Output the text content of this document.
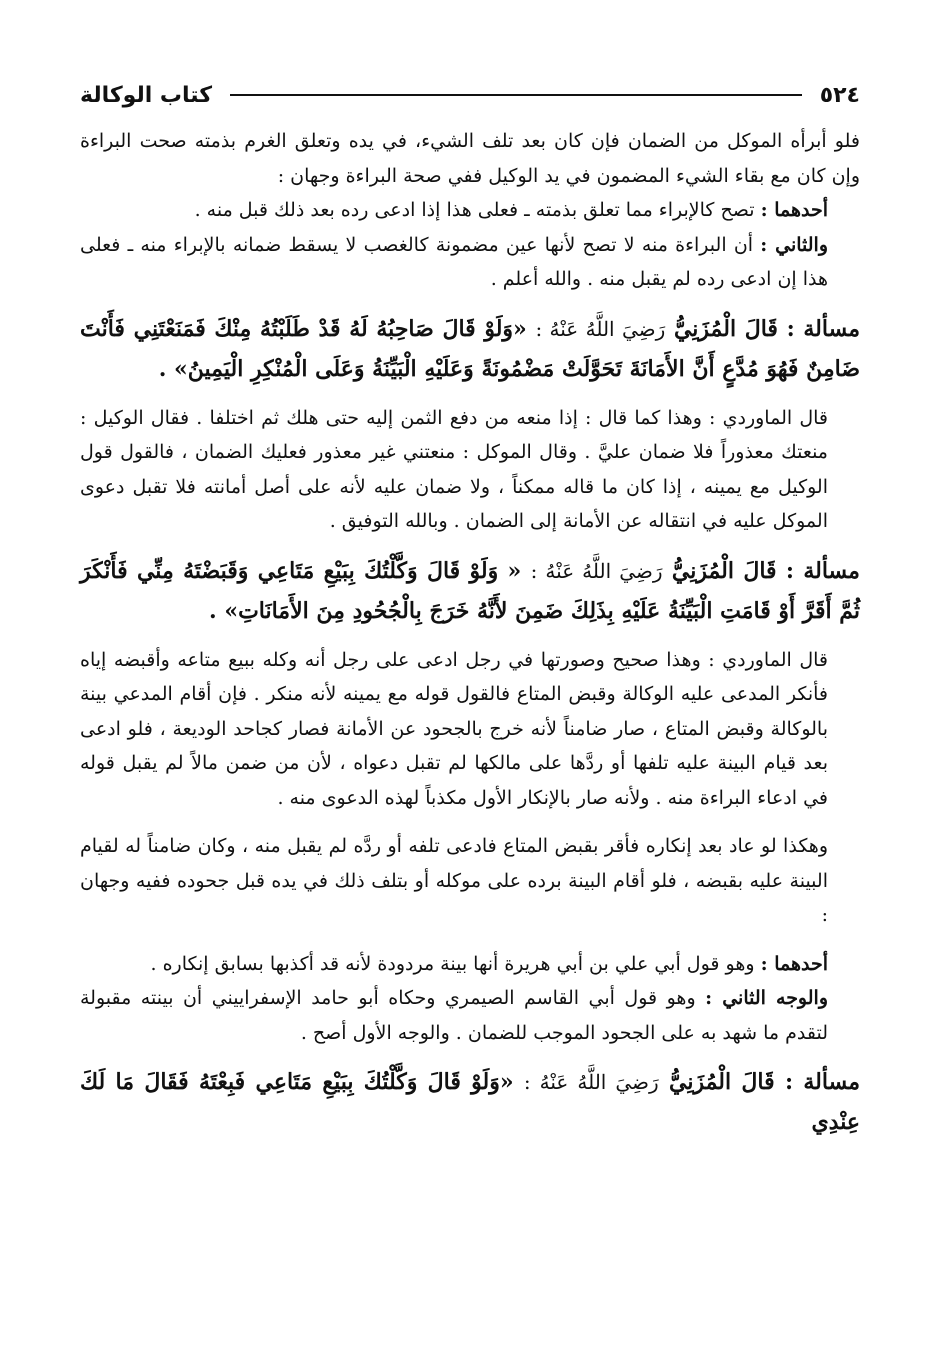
٥٢٤
كتاب الوكالة

فلو أبرأه الموكل من الضمان فإن كان بعد تلف الشيء، في يده وتعلق الغرم بذمته صحت البراءة وإن كان مع بقاء الشيء المضمون في يد الوكيل ففي صحة البراءة وجهان :

أحدهما : تصح كالإبراء مما تعلق بذمته ـ فعلى هذا إذا ادعى رده بعد ذلك قبل منه .

والثاني : أن البراءة منه لا تصح لأنها عين مضمونة كالغصب لا يسقط ضمانه بالإبراء منه ـ فعلى هذا إن ادعى رده لم يقبل منه . والله أعلم .

مسألة : قَالَ الْمُزَنِيُّ رَضِيَ اللَّهُ عَنْهُ : «وَلَوْ قَالَ صَاحِبُهُ لَهُ قَدْ طَلَبْتُهُ مِنْكَ فَمَنَعْتَنِي فَأَنْتَ ضَامِنٌ فَهُوَ مُدَّعٍ أَنَّ الأَمَانَةَ تَحَوَّلَتْ مَضْمُونَةً وَعَلَيْهِ الْبَيِّنَةُ وَعَلَى الْمُنْكِرِ الْيَمِينُ» .

قال الماوردي : وهذا كما قال : إذا منعه من دفع الثمن إليه حتى هلك ثم اختلفا . فقال الوكيل : منعتك معذوراً فلا ضمان عليَّ . وقال الموكل : منعتني غير معذور فعليك الضمان ، فالقول قول الوكيل مع يمينه ، إذا كان ما قاله ممكناً ، ولا ضمان عليه لأنه على أصل أمانته فلا تقبل دعوى الموكل عليه في انتقاله عن الأمانة إلى الضمان . وبالله التوفيق .

مسألة : قَالَ الْمُزَنِيُّ رَضِيَ اللَّهُ عَنْهُ : « وَلَوْ قَالَ وَكَّلْتُكَ بِبَيْعِ مَتَاعِي وَقَبَضْتَهُ مِنِّي فَأَنْكَرَ ثُمَّ أَقَرَّ أَوْ قَامَتِ الْبَيِّنَةُ عَلَيْهِ بِذَلِكَ ضَمِنَ لأَنَّهُ خَرَجَ بِالْجُحُودِ مِنَ الأَمَانَاتِ» .

قال الماوردي : وهذا صحيح وصورتها في رجل ادعى على رجل أنه وكله ببيع متاعه وأقبضه إياه فأنكر المدعى عليه الوكالة وقبض المتاع فالقول قوله مع يمينه لأنه منكر . فإن أقام المدعي بينة بالوكالة وقبض المتاع ، صار ضامناً لأنه خرج بالجحود عن الأمانة فصار كجاحد الوديعة ، فلو ادعى بعد قيام البينة عليه تلفها أو ردَّها على مالكها لم تقبل دعواه ، لأن من ضمن مالاً لم يقبل قوله في ادعاء البراءة منه . ولأنه صار بالإنكار الأول مكذباً لهذه الدعوى منه .

وهكذا لو عاد بعد إنكاره فأقر بقبض المتاع فادعى تلفه أو ردَّه لم يقبل منه ، وكان ضامناً له لقيام البينة عليه بقبضه ، فلو أقام البينة برده على موكله أو بتلف ذلك في يده قبل جحوده ففيه وجهان :

أحدهما : وهو قول أبي علي بن أبي هريرة أنها بينة مردودة لأنه قد أكذبها بسابق إنكاره .

والوجه الثاني : وهو قول أبي القاسم الصيمري وحكاه أبو حامد الإسفراييني أن بينته مقبولة لتقدم ما شهد به على الجحود الموجب للضمان . والوجه الأول أصح .

مسألة : قَالَ الْمُزَنِيُّ رَضِيَ اللَّهُ عَنْهُ : «وَلَوْ قَالَ وَكَّلْتُكَ بِبَيْعِ مَتَاعِي فَبِعْتَهُ فَقَالَ مَا لَكَ عِنْدِي
